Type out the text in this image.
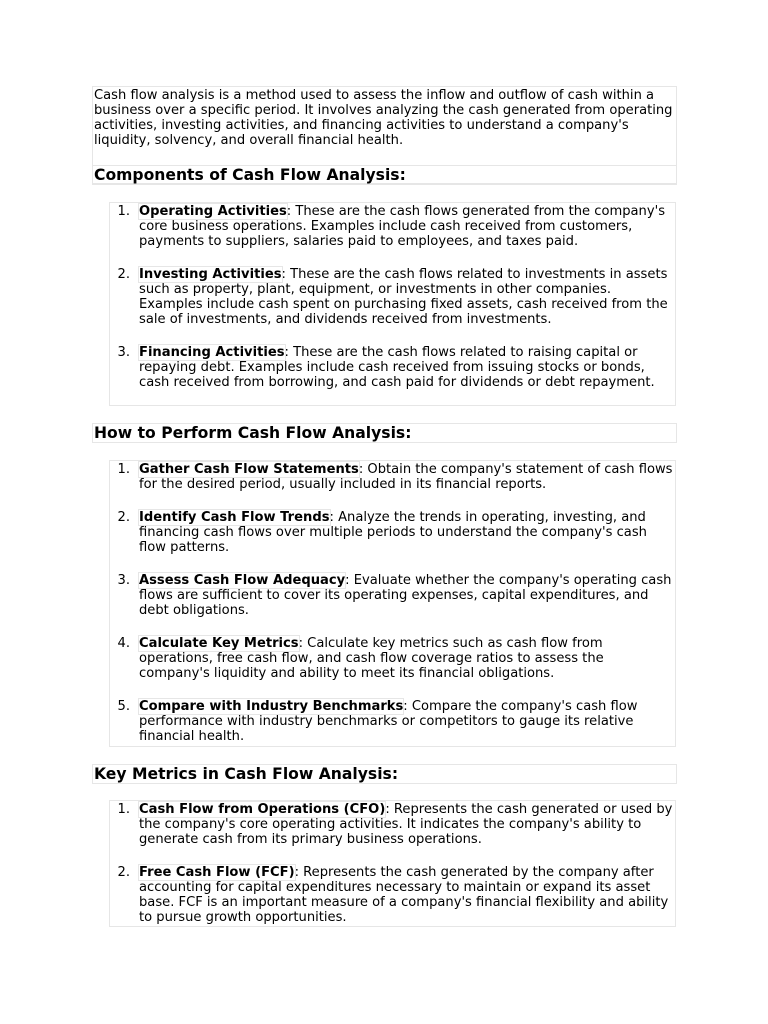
Cash flow analysis is a method used to assess the inflow and outflow of cash within a business over a specific period. It involves analyzing the cash generated from operating activities, investing activities, and financing activities to understand a company's liquidity, solvency, and overall financial health.
Components of Cash Flow Analysis:
1. Operating Activities: These are the cash flows generated from the company's core business operations. Examples include cash received from customers, payments to suppliers, salaries paid to employees, and taxes paid.
2. Investing Activities: These are the cash flows related to investments in assets such as property, plant, equipment, or investments in other companies. Examples include cash spent on purchasing fixed assets, cash received from the sale of investments, and dividends received from investments.
3. Financing Activities: These are the cash flows related to raising capital or repaying debt. Examples include cash received from issuing stocks or bonds, cash received from borrowing, and cash paid for dividends or debt repayment.
How to Perform Cash Flow Analysis:
1. Gather Cash Flow Statements: Obtain the company's statement of cash flows for the desired period, usually included in its financial reports.
2. Identify Cash Flow Trends: Analyze the trends in operating, investing, and financing cash flows over multiple periods to understand the company's cash flow patterns.
3. Assess Cash Flow Adequacy: Evaluate whether the company's operating cash flows are sufficient to cover its operating expenses, capital expenditures, and debt obligations.
4. Calculate Key Metrics: Calculate key metrics such as cash flow from operations, free cash flow, and cash flow coverage ratios to assess the company's liquidity and ability to meet its financial obligations.
5. Compare with Industry Benchmarks: Compare the company's cash flow performance with industry benchmarks or competitors to gauge its relative financial health.
Key Metrics in Cash Flow Analysis:
1. Cash Flow from Operations (CFO): Represents the cash generated or used by the company's core operating activities. It indicates the company's ability to generate cash from its primary business operations.
2. Free Cash Flow (FCF): Represents the cash generated by the company after accounting for capital expenditures necessary to maintain or expand its asset base. FCF is an important measure of a company's financial flexibility and ability to pursue growth opportunities.
